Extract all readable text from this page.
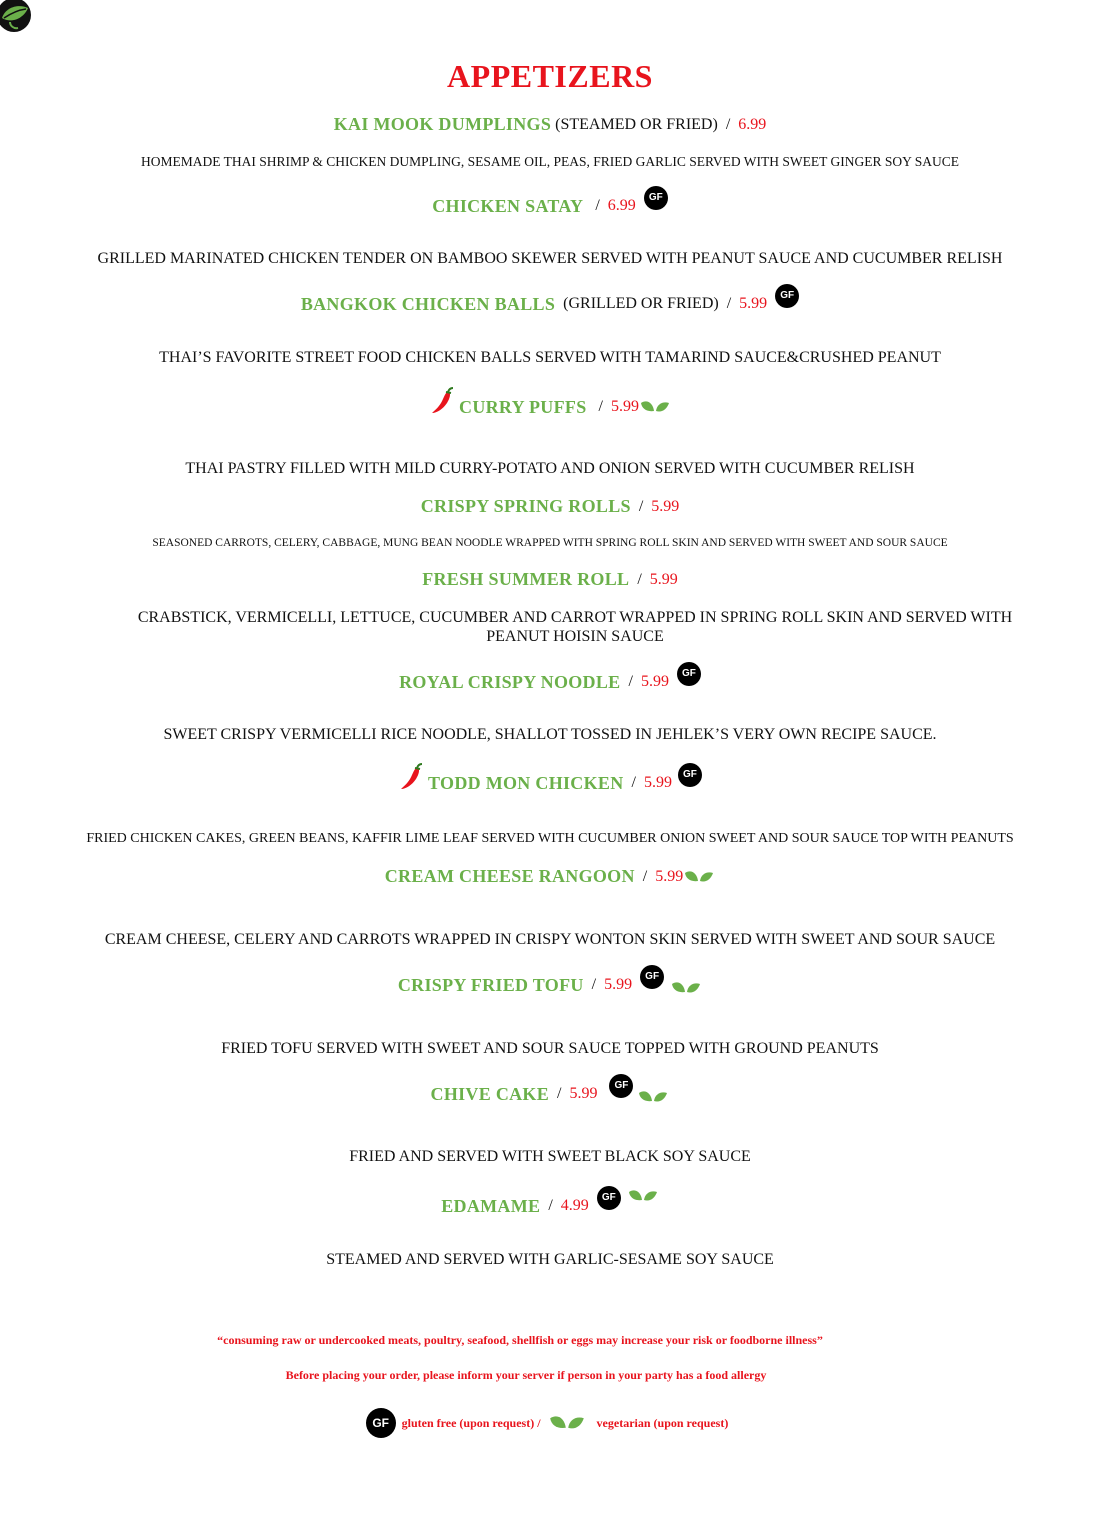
APPETIZERS
KAI MOOK DUMPLINGS (STEAMED OR FRIED) / 6.99
HOMEMADE THAI SHRIMP & CHICKEN DUMPLING, SESAME OIL, PEAS, FRIED GARLIC SERVED WITH SWEET GINGER SOY SAUCE
CHICKEN SATAY / 6.99	GF
GRILLED MARINATED CHICKEN TENDER ON BAMBOO SKEWER SERVED WITH PEANUT SAUCE AND CUCUMBER RELISH
BANGKOK CHICKEN BALLS (GRILLED OR FRIED) / 5.99	GF
THAI’S FAVORITE STREET FOOD CHICKEN BALLS SERVED WITH TAMARIND SAUCE&CRUSHED PEANUT
CURRY PUFFS / 5.99
THAI PASTRY FILLED WITH MILD CURRY-POTATO AND ONION SERVED WITH CUCUMBER RELISH
CRISPY SPRING ROLLS / 5.99
SEASONED CARROTS, CELERY, CABBAGE, MUNG BEAN NOODLE WRAPPED WITH SPRING ROLL SKIN AND SERVED WITH SWEET AND SOUR SAUCE
FRESH SUMMER ROLL / 5.99
CRABSTICK, VERMICELLI, LETTUCE, CUCUMBER AND CARROT WRAPPED IN SPRING ROLL SKIN AND SERVED WITH
PEANUT HOISIN SAUCE
ROYAL CRISPY NOODLE / 5.99	GF
SWEET CRISPY VERMICELLI RICE NOODLE, SHALLOT TOSSED IN JEHLEK’S VERY OWN RECIPE SAUCE.
TODD MON CHICKEN / 5.99	GF
FRIED CHICKEN CAKES, GREEN BEANS, KAFFIR LIME LEAF SERVED WITH CUCUMBER ONION SWEET AND SOUR SAUCE TOP WITH PEANUTS
CREAM CHEESE RANGOON / 5.99
CREAM CHEESE, CELERY AND CARROTS WRAPPED IN CRISPY WONTON SKIN SERVED WITH SWEET AND SOUR SAUCE
CRISPY FRIED TOFU / 5.99	GF
FRIED TOFU SERVED WITH SWEET AND SOUR SAUCE TOPPED WITH GROUND PEANUTS
CHIVE CAKE / 5.99	GF
FRIED AND SERVED WITH SWEET BLACK SOY SAUCE
EDAMAME / 4.99	GF
STEAMED AND SERVED WITH GARLIC-SESAME SOY SAUCE
“consuming raw or undercooked meats, poultry, seafood, shellfish or eggs may increase your risk or foodborne illness”
Before placing your order, please inform your server if person in your party has a food allergy
GF	gluten free (upon request) /	vegetarian (upon request)
